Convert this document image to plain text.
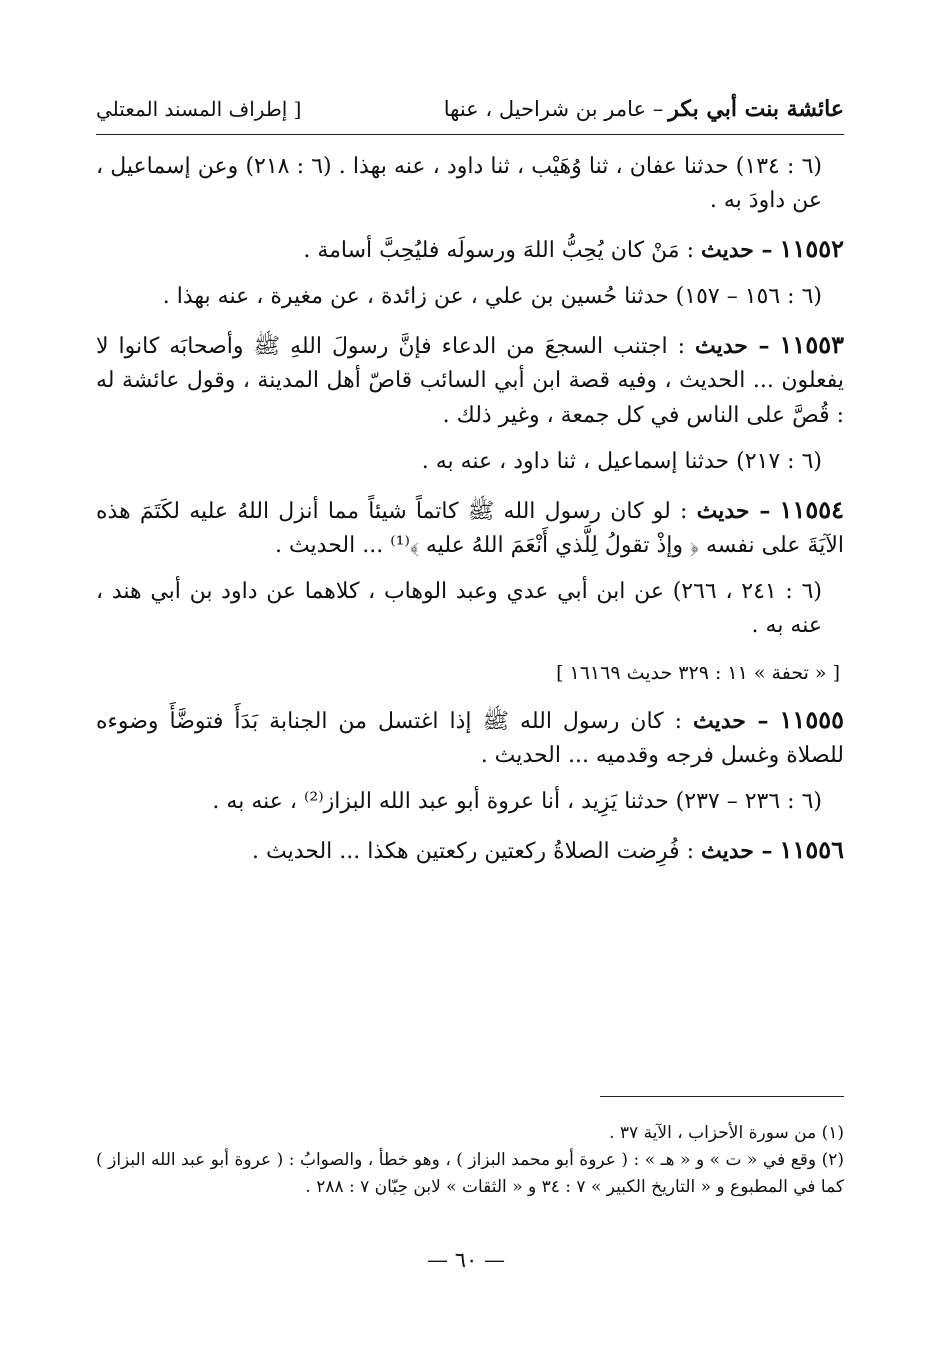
عائشة بنت أبي بكر – عامر بن شراحيل ، عنها
[ إطراف المسند المعتلي

(٦ : ١٣٤) حدثنا عفان ، ثنا وُهَيْب ، ثنا داود ، عنه بهذا . (٦ : ٢١٨) وعن إسماعيل ، عن داودَ به .

١١٥٥٢ – حديث : مَنْ كان يُحِبُّ اللهَ ورسولَه فليُحِبَّ أسامة .

(٦ : ١٥٦ – ١٥٧) حدثنا حُسين بن علي ، عن زائدة ، عن مغيرة ، عنه بهذا .

١١٥٥٣ – حديث : اجتنب السجعَ من الدعاء فإنَّ رسولَ اللهِ ﷺ وأصحابَه كانوا لا يفعلون ... الحديث ، وفيه قصة ابن أبي السائب قاصّ أهل المدينة ، وقول عائشة له : قُصَّ على الناس في كل جمعة ، وغير ذلك .

(٦ : ٢١٧) حدثنا إسماعيل ، ثنا داود ، عنه به .

١١٥٥٤ – حديث : لو كان رسول الله ﷺ كاتماً شيئاً مما أنزل اللهُ عليه لكَتَمَ هذه الآيَةَ على نفسه ﴿ وإذْ تقولُ لِلَّذي أَنْعَمَ اللهُ عليه ﴾⁽¹⁾ ... الحديث .

(٦ : ٢٤١ ، ٢٦٦) عن ابن أبي عدي وعبد الوهاب ، كلاهما عن داود بن أبي هند ، عنه به .

[ « تحفة » ١١ : ٣٢٩ حديث ١٦١٦٩ ]

١١٥٥٥ – حديث : كان رسول الله ﷺ إذا اغتسل من الجنابة بَدَأَ فتوضَّأَ وضوءه للصلاة وغسل فرجه وقدميه ... الحديث .

(٦ : ٢٣٦ – ٢٣٧) حدثنا يَزِيد ، أنا عروة أبو عبد الله البزاز⁽²⁾ ، عنه به .

١١٥٥٦ – حديث : فُرِضت الصلاةُ ركعتين ركعتين هكذا ... الحديث .

(١) من سورة الأحزاب ، الآية ٣٧ .

(٢) وقع في « ت » و « هـ » : ( عروة أبو محمد البزاز ) ، وهو خطأ ، والصوابُ : ( عروة أبو عبد الله البزاز ) كما في المطبوع و « التاريخ الكبير » ٧ : ٣٤ و « الثقات » لابن حِبّان ٧ : ٢٨٨ .

— ٦٠ —
